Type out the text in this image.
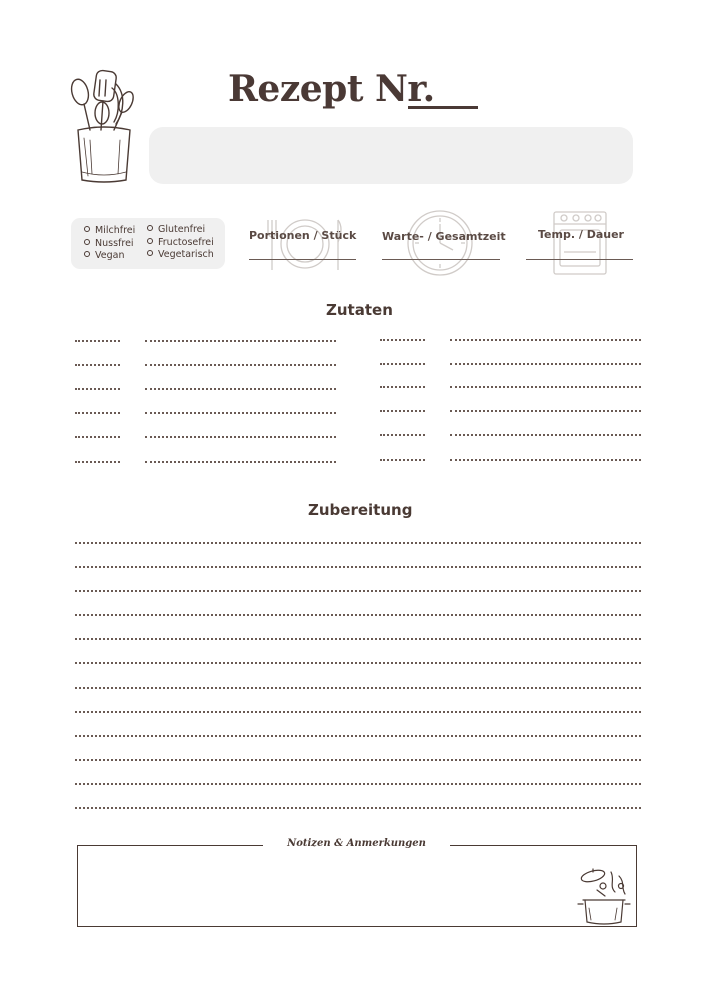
Rezept Nr.
Milchfrei
Nussfrei
Vegan
Glutenfrei
Fructosefrei
Vegetarisch
Portionen / Stück Warte- / Gesamtzeit	Temp. / Dauer
Zutaten
Zubereitung
Notizen & Anmerkungen
